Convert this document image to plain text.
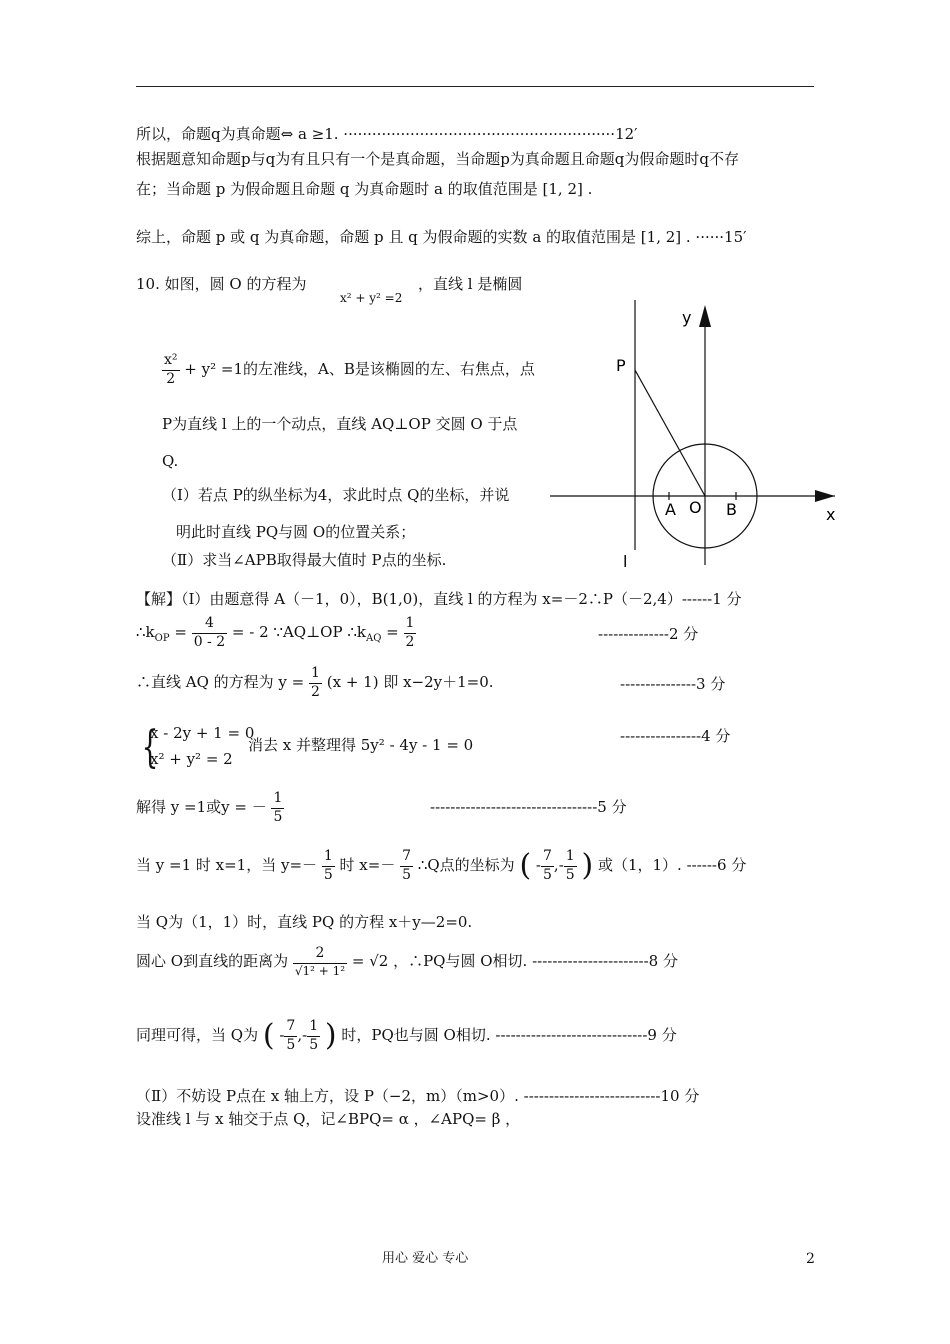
所以，命题q为真命题⇔ a ≥1. ·························································12′
根据题意知命题p与q为有且只有一个是真命题，当命题p为真命题且命题q为假命题时q不存
在；当命题 p 为假命题且命题 q 为真命题时 a 的取值范围是 [1, 2] .
综上，命题 p 或 q 为真命题，命题 p 且 q 为假命题的实数 a 的取值范围是 [1, 2] . ······15′
10. 如图，圆 O 的方程为
x² + y² =2
，直线 l 是椭圆
$\frac{\text{x²}}{2} + y^2 =1$的左准线，A、B是该椭圆的左、右焦点，点
P为直线 l 上的一个动点，直线 AQ⊥OP 交圆 O 于点
Q.
（Ⅰ）若点 P的纵坐标为4，求此时点 Q的坐标，并说
明此时直线 PQ与圆 O的位置关系；
（Ⅱ）求当∠APB取得最大值时 P点的坐标.
y
x
P
A O B
l
【解】（Ⅰ）由题意得 A（－1，0），B(1,0)，直线 l 的方程为 x=－2∴P（－2,4）------1 分
$\therefore k_{OP} = \frac{4}{0 - 2}$ = - 2 ∵AQ⊥OP $\therefore k_{AQ} = \frac{1}{2}$	--------------2 分
∴直线 AQ 的方程为 $y = \frac{1}{2} (x + 1)$ 即 x−2y＋1=0.	---------------3 分
{
x - 2y + 1 = 0
x² + y² = 2
消去 x 并整理得 5y² - 4y - 1 = 0	----------------4 分
解得 y =1或y = － $\frac{1}{5}$	---------------------------------5 分
当 y =1 时 x=1，当 $y=- \frac{1}{5}$ 时 $x=- \frac{7}{5}$ ∴Q点的坐标为 ( - $\frac{7}{5}$ ,- $\frac{1}{5}$ ) 或（1，1）. ------6 分
当 Q为（1，1）时，直线 PQ 的方程 x＋y—2=0.
圆心 O到直线的距离为 $\frac{2}{\text{√1² + 1²}} = √2$ ，∴PQ与圆 O相切. -----------------------8 分
同理可得，当 Q为 ( - $\frac{7}{5}$ ,- $\frac{1}{5}$ ) 时，PQ也与圆 O相切. ------------------------------9 分
（Ⅱ）不妨设 P点在 x 轴上方，设 P（−2，m）（m>0）. ---------------------------10 分
设准线 l 与 x 轴交于点 Q，记∠BPQ= α ，∠APQ= β ，
用心 爱心 专心	2
